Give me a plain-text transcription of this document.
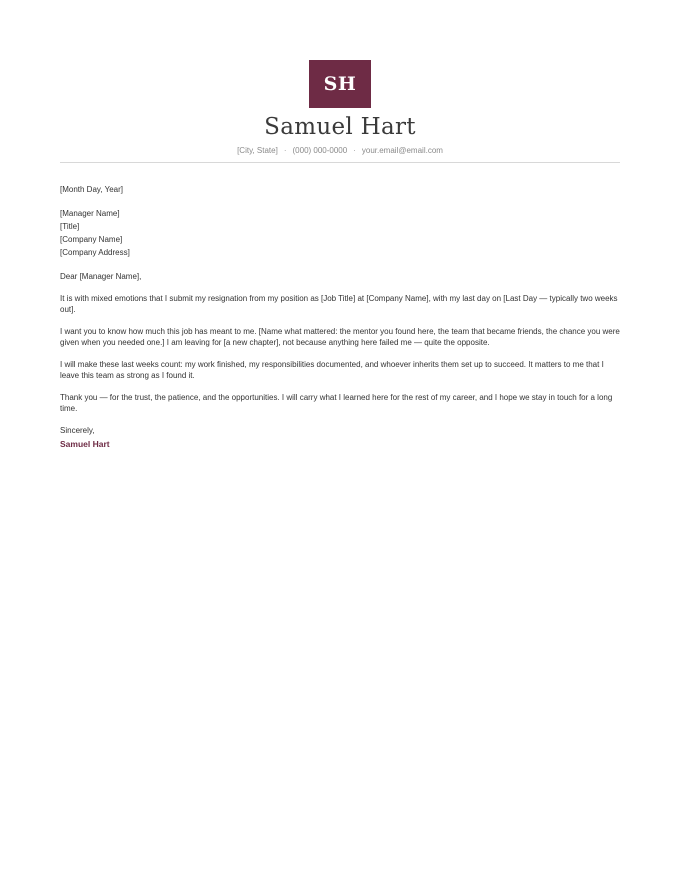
SH
Samuel Hart
[City, State] · (000) 000-0000 · your.email@email.com

[Month Day, Year]

[Manager Name]
[Title]
[Company Name]
[Company Address]

Dear [Manager Name],

It is with mixed emotions that I submit my resignation from my position as [Job Title] at [Company Name], with my last day on [Last Day — typically two weeks out].

I want you to know how much this job has meant to me. [Name what mattered: the mentor you found here, the team that became friends, the chance you were given when you needed one.] I am leaving for [a new chapter], not because anything here failed me — quite the opposite.

I will make these last weeks count: my work finished, my responsibilities documented, and whoever inherits them set up to succeed. It matters to me that I leave this team as strong as I found it.

Thank you — for the trust, the patience, and the opportunities. I will carry what I learned here for the rest of my career, and I hope we stay in touch for a long time.

Sincerely,

Samuel Hart
